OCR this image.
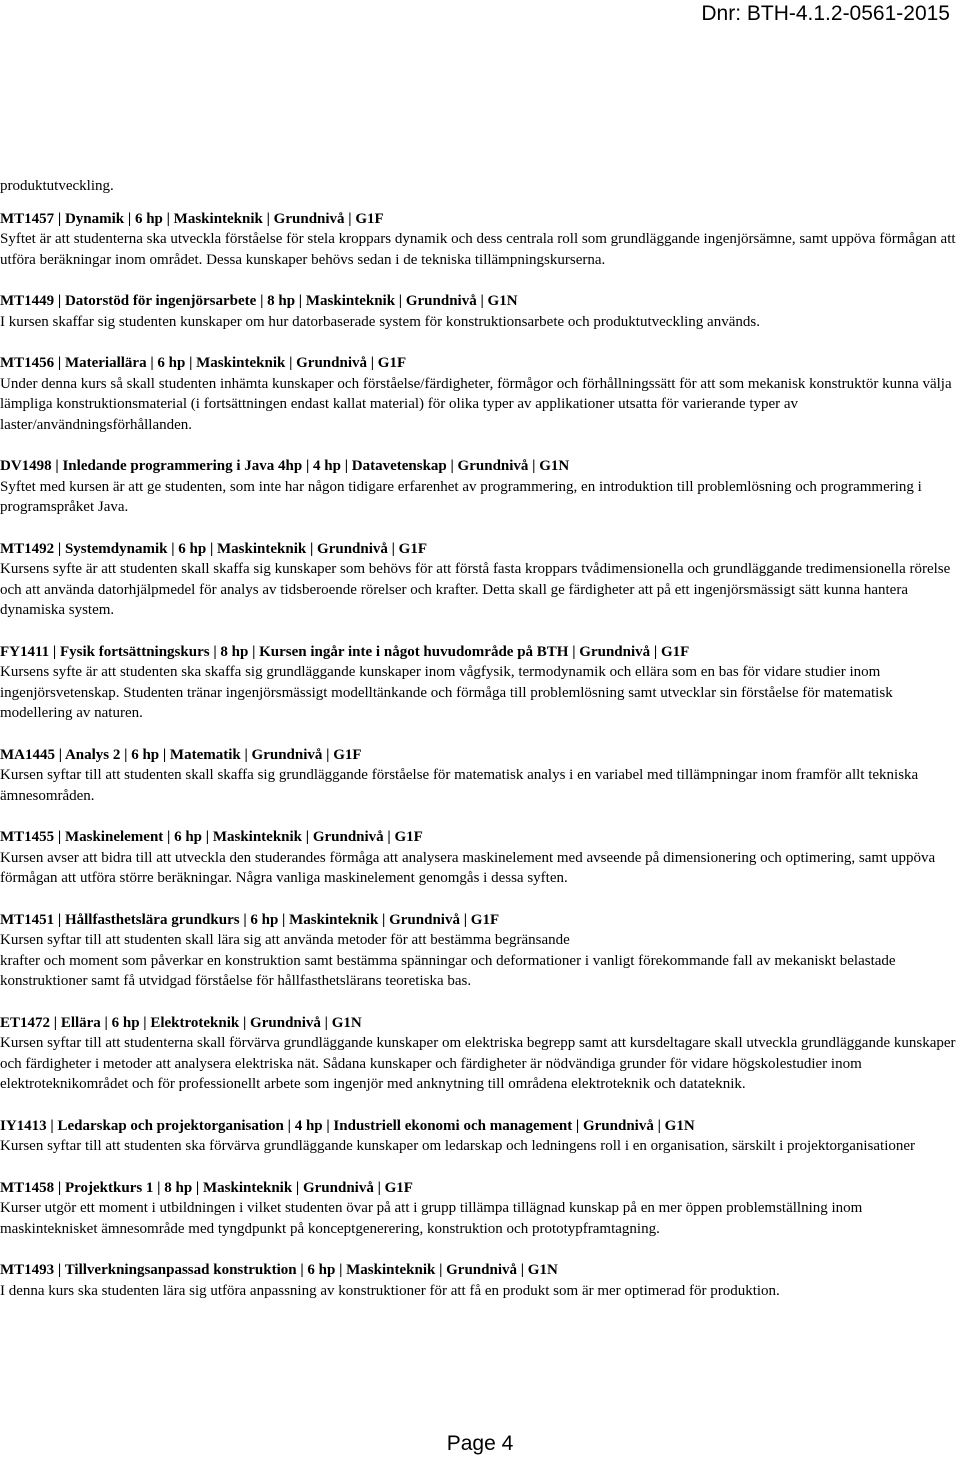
Dnr: BTH-4.1.2-0561-2015

produktutveckling.

MT1457 | Dynamik | 6 hp | Maskinteknik | Grundnivå | G1F

Syftet är att studenterna ska utveckla förståelse för stela kroppars dynamik och dess centrala roll som grundläggande ingenjörsämne, samt uppöva förmågan att utföra beräkningar inom området. Dessa kunskaper behövs sedan i de tekniska tillämpningskurserna.

MT1449 | Datorstöd för ingenjörsarbete | 8 hp | Maskinteknik | Grundnivå | G1N

I kursen skaffar sig studenten kunskaper om hur datorbaserade system för konstruktionsarbete och produktutveckling används.

MT1456 | Materiallära | 6 hp | Maskinteknik | Grundnivå | G1F

Under denna kurs så skall studenten inhämta kunskaper och förståelse/färdigheter, förmågor och förhållningssätt för att som mekanisk konstruktör kunna välja lämpliga konstruktionsmaterial (i fortsättningen endast kallat material) för olika typer av applikationer utsatta för varierande typer av laster/användningsförhållanden.

DV1498 | Inledande programmering i Java 4hp | 4 hp | Datavetenskap | Grundnivå | G1N

Syftet med kursen är att ge studenten, som inte har någon tidigare erfarenhet av programmering, en introduktion till problemlösning och programmering i programspråket Java.

MT1492 | Systemdynamik | 6 hp | Maskinteknik | Grundnivå | G1F

Kursens syfte är att studenten skall skaffa sig kunskaper som behövs för att förstå fasta kroppars tvådimensionella och grundläggande tredimensionella rörelse och att använda datorhjälpmedel för analys av tidsberoende rörelser och krafter. Detta skall ge färdigheter att på ett ingenjörsmässigt sätt kunna hantera dynamiska system.

FY1411 | Fysik fortsättningskurs | 8 hp | Kursen ingår inte i något huvudområde på BTH | Grundnivå | G1F

Kursens syfte är att studenten ska skaffa sig grundläggande kunskaper inom vågfysik, termodynamik och ellära som en bas för vidare studier inom ingenjörsvetenskap. Studenten tränar ingenjörsmässigt modelltänkande och förmåga till problemlösning samt utvecklar sin förståelse för matematisk modellering av naturen.

MA1445 | Analys 2 | 6 hp | Matematik | Grundnivå | G1F

Kursen syftar till att studenten skall skaffa sig grundläggande förståelse för matematisk analys i en variabel med tillämpningar inom framför allt tekniska ämnesområden.

MT1455 | Maskinelement | 6 hp | Maskinteknik | Grundnivå | G1F

Kursen avser att bidra till att utveckla den studerandes förmåga att analysera maskinelement med avseende på dimensionering och optimering, samt uppöva förmågan att utföra större beräkningar. Några vanliga maskinelement genomgås i dessa syften.

MT1451 | Hållfasthetslära grundkurs | 6 hp | Maskinteknik | Grundnivå | G1F

Kursen syftar till att studenten skall lära sig att använda metoder för att bestämma begränsande

krafter och moment som påverkar en konstruktion samt bestämma spänningar och deformationer i vanligt förekommande fall av mekaniskt belastade konstruktioner samt få utvidgad förståelse för hållfasthetslärans teoretiska bas.

ET1472 | Ellära | 6 hp | Elektroteknik | Grundnivå | G1N

Kursen syftar till att studenterna skall förvärva grundläggande kunskaper om elektriska begrepp samt att kursdeltagare skall utveckla grundläggande kunskaper och färdigheter i metoder att analysera elektriska nät. Sådana kunskaper och färdigheter är nödvändiga grunder för vidare högskolestudier inom elektroteknikområdet och för professionellt arbete som ingenjör med anknytning till områdena elektroteknik och datateknik.

IY1413 | Ledarskap och projektorganisation | 4 hp | Industriell ekonomi och management | Grundnivå | G1N

Kursen syftar till att studenten ska förvärva grundläggande kunskaper om ledarskap och ledningens roll i en organisation, särskilt i projektorganisationer

MT1458 | Projektkurs 1 | 8 hp | Maskinteknik | Grundnivå | G1F

Kurser utgör ett moment i utbildningen i vilket studenten övar på att i grupp tillämpa tillägnad kunskap på en mer öppen problemställning inom maskinteknisket ämnesområde med tyngdpunkt på konceptgenerering, konstruktion och prototypframtagning.

MT1493 | Tillverkningsanpassad konstruktion | 6 hp | Maskinteknik | Grundnivå | G1N

I denna kurs ska studenten lära sig utföra anpassning av konstruktioner för att få en produkt som är mer optimerad för produktion.

Page 4
